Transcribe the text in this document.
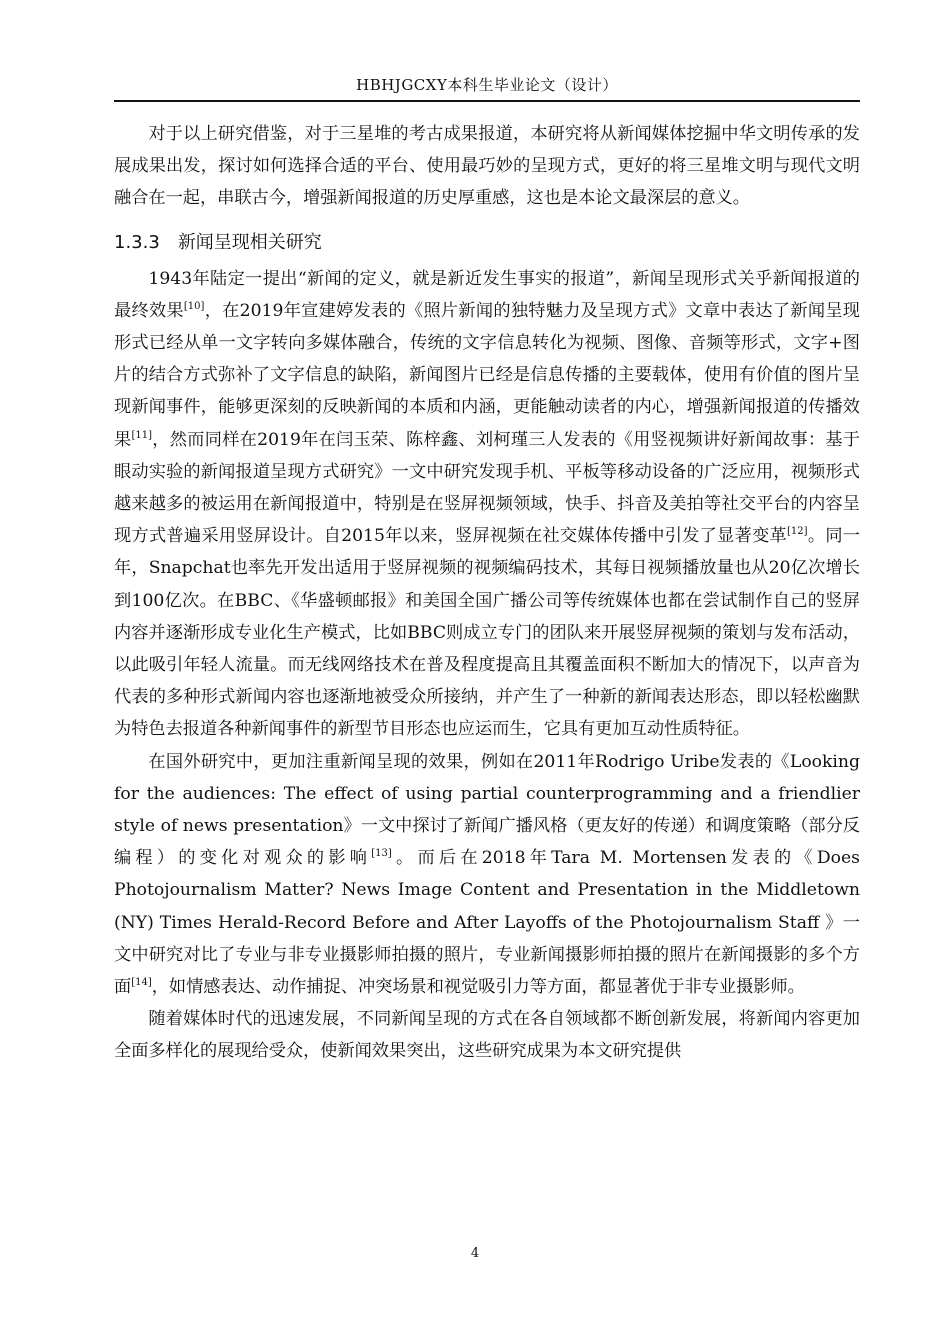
HBHJGCXY本科生毕业论文（设计）

对于以上研究借鉴，对于三星堆的考古成果报道，本研究将从新闻媒体挖掘中华文明传承的发展成果出发，探讨如何选择合适的平台、使用最巧妙的呈现方式，更好的将三星堆文明与现代文明融合在一起，串联古今，增强新闻报道的历史厚重感，这也是本论文最深层的意义。

1.3.3 新闻呈现相关研究

1943年陆定一提出“新闻的定义，就是新近发生事实的报道”，新闻呈现形式关乎新闻报道的最终效果[10]，在2019年宣建婷发表的《照片新闻的独特魅力及呈现方式》文章中表达了新闻呈现形式已经从单一文字转向多媒体融合，传统的文字信息转化为视频、图像、音频等形式，文字+图片的结合方式弥补了文字信息的缺陷，新闻图片已经是信息传播的主要载体，使用有价值的图片呈现新闻事件，能够更深刻的反映新闻的本质和内涵，更能触动读者的内心，增强新闻报道的传播效果[11]，然而同样在2019年在闫玉荣、陈梓鑫、刘柯瑾三人发表的《用竖视频讲好新闻故事：基于眼动实验的新闻报道呈现方式研究》一文中研究发现手机、平板等移动设备的广泛应用，视频形式越来越多的被运用在新闻报道中，特别是在竖屏视频领域，快手、抖音及美拍等社交平台的内容呈现方式普遍采用竖屏设计。自2015年以来，竖屏视频在社交媒体传播中引发了显著变革[12]。同一年，Snapchat也率先开发出适用于竖屏视频的视频编码技术，其每日视频播放量也从20亿次增长到100亿次。在BBC、《华盛顿邮报》和美国全国广播公司等传统媒体也都在尝试制作自己的竖屏内容并逐渐形成专业化生产模式，比如BBC则成立专门的团队来开展竖屏视频的策划与发布活动，以此吸引年轻人流量。而无线网络技术在普及程度提高且其覆盖面积不断加大的情况下，以声音为代表的多种形式新闻内容也逐渐地被受众所接纳，并产生了一种新的新闻表达形态，即以轻松幽默为特色去报道各种新闻事件的新型节目形态也应运而生，它具有更加互动性质特征。

在国外研究中，更加注重新闻呈现的效果，例如在2011年Rodrigo Uribe发表的《Looking for the audiences: The effect of using partial counterprogramming and a friendlier style of news presentation》一文中探讨了新闻广播风格（更友好的传递）和调度策略（部分反编程）的变化对观众的影响[13]。而后在2018年Tara M. Mortensen发表的《Does Photojournalism Matter? News Image Content and Presentation in the Middletown (NY) Times Herald-Record Before and After Layoffs of the Photojournalism Staff 》一文中研究对比了专业与非专业摄影师拍摄的照片，专业新闻摄影师拍摄的照片在新闻摄影的多个方面[14]，如情感表达、动作捕捉、冲突场景和视觉吸引力等方面，都显著优于非专业摄影师。

随着媒体时代的迅速发展，不同新闻呈现的方式在各自领域都不断创新发展，将新闻内容更加全面多样化的展现给受众，使新闻效果突出，这些研究成果为本文研究提供

4
